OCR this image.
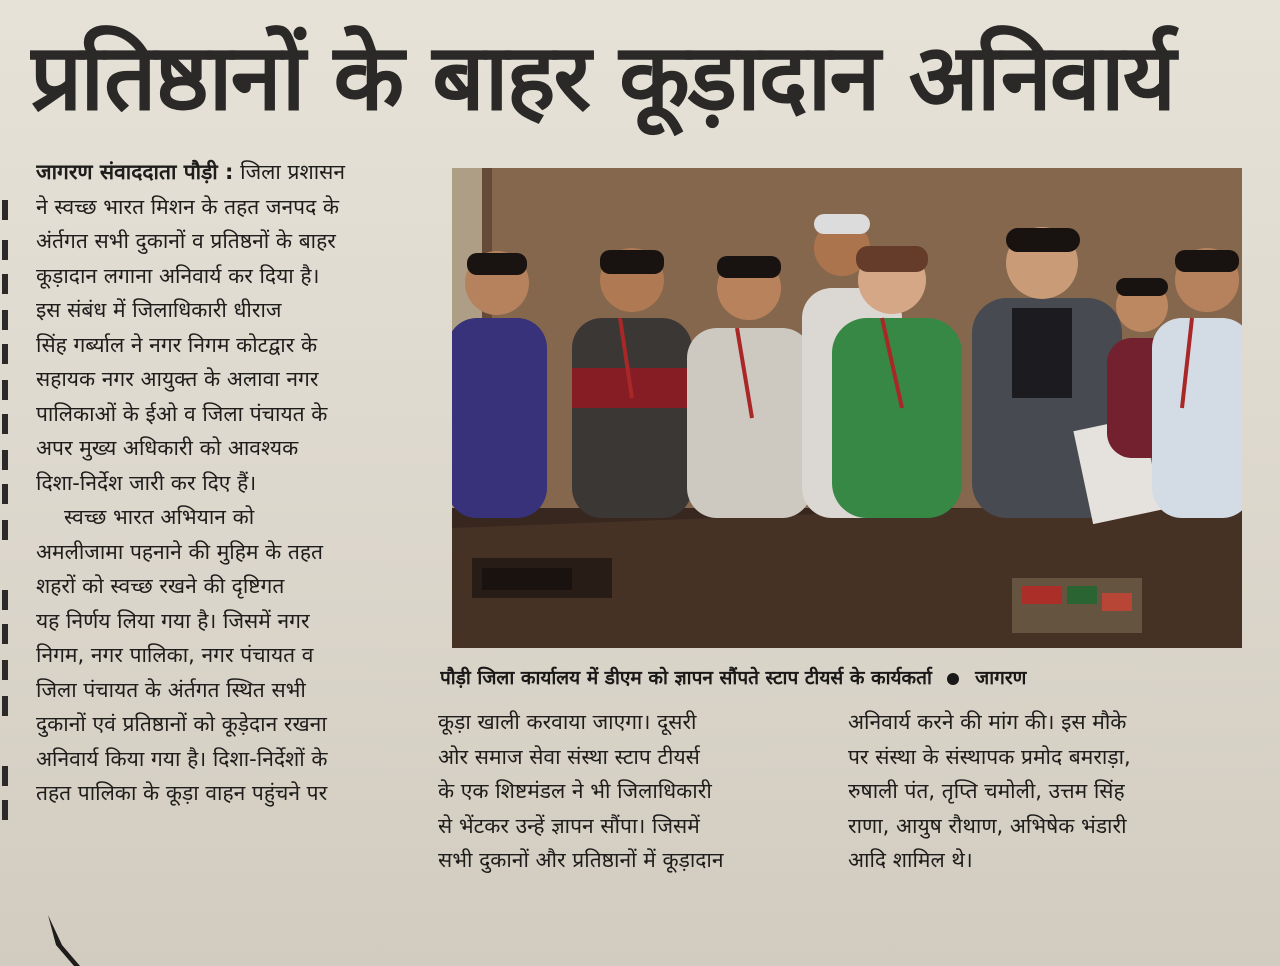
प्रतिष्ठानों के बाहर कूड़ादान अनिवार्य
जागरण संवाददाता पौड़ी : जिला प्रशासन
ने स्वच्छ भारत मिशन के तहत जनपद के
अंर्तगत सभी दुकानों व प्रतिष्ठनों के बाहर
कूड़ादान लगाना अनिवार्य कर दिया है।
इस संबंध में जिलाधिकारी धीराज
सिंह गर्ब्याल ने नगर निगम कोटद्वार के
सहायक नगर आयुक्त के अलावा नगर
पालिकाओं के ईओ व जिला पंचायत के
अपर मुख्य अधिकारी को आवश्यक
दिशा-निर्देश जारी कर दिए हैं।
स्वच्छ भारत अभियान को
अमलीजामा पहनाने की मुहिम के तहत
शहरों को स्वच्छ रखने की दृष्टिगत
यह निर्णय लिया गया है। जिसमें नगर
निगम, नगर पालिका, नगर पंचायत व
जिला पंचायत के अंर्तगत स्थित सभी
दुकानों एवं प्रतिष्ठानों को कूड़ेदान रखना
अनिवार्य किया गया है। दिशा-निर्देशों के
तहत पालिका के कूड़ा वाहन पहुंचने पर
पौड़ी जिला कार्यालय में डीएम को ज्ञापन सौंपते स्टाप टीयर्स के कार्यकर्ता जागरण
कूड़ा खाली करवाया जाएगा। दूसरी
ओर समाज सेवा संस्था स्टाप टीयर्स
के एक शिष्टमंडल ने भी जिलाधिकारी
से भेंटकर उन्हें ज्ञापन सौंपा। जिसमें
सभी दुकानों और प्रतिष्ठानों में कूड़ादान
अनिवार्य करने की मांग की। इस मौके
पर संस्था के संस्थापक प्रमोद बमराड़ा,
रुषाली पंत, तृप्ति चमोली, उत्तम सिंह
राणा, आयुष रौथाण, अभिषेक भंडारी
आदि शामिल थे।
